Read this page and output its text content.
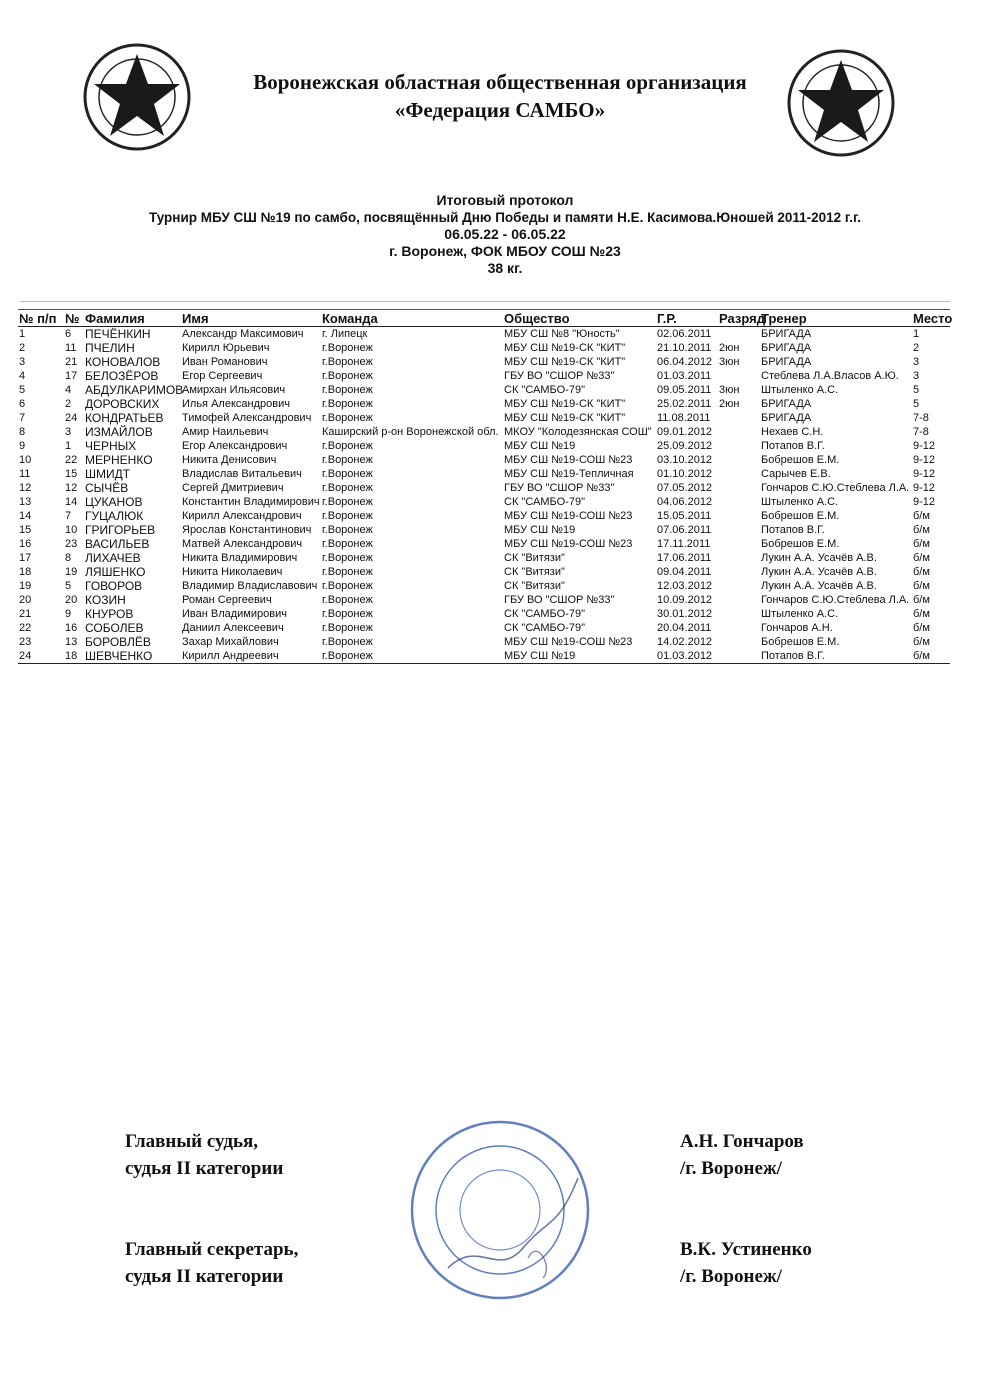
Воронежская областная общественная организация
«Федерация САМБО»
Итоговый протокол
Турнир МБУ СШ №19 по самбо, посвящённый Дню Победы и памяти Н.Е. Касимова.Юношей 2011-2012 г.г.
06.05.22 - 06.05.22
г. Воронеж, ФОК МБОУ СОШ №23
38 кг.
№ п/п	№	Фамилия	Имя	Команда	Общество	Г.Р.	Разряд	Тренер	Место
1	6	ПЕЧЁНКИН	Александр Максимович	г. Липецк	МБУ СШ №8 "Юность"	02.06.2011		БРИГАДА	1
2	11	ПЧЕЛИН	Кирилл Юрьевич	г.Воронеж	МБУ СШ №19-СК "КИТ"	21.10.2011	2юн	БРИГАДА	2
3	21	КОНОВАЛОВ	Иван Романович	г.Воронеж	МБУ СШ №19-СК "КИТ"	06.04.2012	3юн	БРИГАДА	3
4	17	БЕЛОЗЁРОВ	Егор Сергеевич	г.Воронеж	ГБУ ВО "СШОР №33"	01.03.2011		Стеблева Л.А.Власов А.Ю.	3
5	4	АБДУЛКАРИМОВ	Амирхан Ильясович	г.Воронеж	СК "САМБО-79"	09.05.2011	3юн	Штыленко А.С.	5
6	2	ДОРОВСКИХ	Илья Александрович	г.Воронеж	МБУ СШ №19-СК "КИТ"	25.02.2011	2юн	БРИГАДА	5
7	24	КОНДРАТЬЕВ	Тимофей Александрович	г.Воронеж	МБУ СШ №19-СК "КИТ"	11.08.2011		БРИГАДА	7-8
8	3	ИЗМАЙЛОВ	Амир Наильевич	Каширский р-он Воронежской обл.	МКОУ "Колодезянская СОШ"	09.01.2012		Нехаев С.Н.	7-8
9	1	ЧЕРНЫХ	Егор Александрович	г.Воронеж	МБУ СШ №19	25.09.2012		Потапов В.Г.	9-12
10	22	МЕРНЕНКО	Никита Денисович	г.Воронеж	МБУ СШ №19-СОШ №23	03.10.2012		Бобрешов Е.М.	9-12
11	15	ШМИДТ	Владислав Витальевич	г.Воронеж	МБУ СШ №19-Тепличная	01.10.2012		Сарычев Е.В.	9-12
12	12	СЫЧЁВ	Сергей Дмитриевич	г.Воронеж	ГБУ ВО "СШОР №33"	07.05.2012		Гончаров С.Ю.Стеблева Л.А.	9-12
13	14	ЦУКАНОВ	Константин Владимирович	г.Воронеж	СК "САМБО-79"	04.06.2012		Штыленко А.С.	9-12
14	7	ГУЦАЛЮК	Кирилл Александрович	г.Воронеж	МБУ СШ №19-СОШ №23	15.05.2011		Бобрешов Е.М.	б/м
15	10	ГРИГОРЬЕВ	Ярослав Константинович	г.Воронеж	МБУ СШ №19	07.06.2011		Потапов В.Г.	б/м
16	23	ВАСИЛЬЕВ	Матвей Александрович	г.Воронеж	МБУ СШ №19-СОШ №23	17.11.2011		Бобрешов Е.М.	б/м
17	8	ЛИХАЧЕВ	Никита Владимирович	г.Воронеж	СК "Витязи"	17.06.2011		Лукин А.А. Усачёв А.В.	б/м
18	19	ЛЯШЕНКО	Никита Николаевич	г.Воронеж	СК "Витязи"	09.04.2011		Лукин А.А. Усачёв А.В.	б/м
19	5	ГОВОРОВ	Владимир Владиславович	г.Воронеж	СК "Витязи"	12.03.2012		Лукин А.А. Усачёв А.В.	б/м
20	20	КОЗИН	Роман Сергеевич	г.Воронеж	ГБУ ВО "СШОР №33"	10.09.2012		Гончаров С.Ю.Стеблева Л.А.	б/м
21	9	КНУРОВ	Иван Владимирович	г.Воронеж	СК "САМБО-79"	30.01.2012		Штыленко А.С.	б/м
22	16	СОБОЛЕВ	Даниил Алексеевич	г.Воронеж	СК "САМБО-79"	20.04.2011		Гончаров А.Н.	б/м
23	13	БОРОВЛЁВ	Захар Михайлович	г.Воронеж	МБУ СШ №19-СОШ №23	14.02.2012		Бобрешов Е.М.	б/м
24	18	ШЕВЧЕНКО	Кирилл Андреевич	г.Воронеж	МБУ СШ №19	01.03.2012		Потапов В.Г.	б/м
Главный судья,
судья II категории
А.Н. Гончаров
/г. Воронеж/
Главный секретарь,
судья II категории
В.К. Устиненко
/г. Воронеж/
